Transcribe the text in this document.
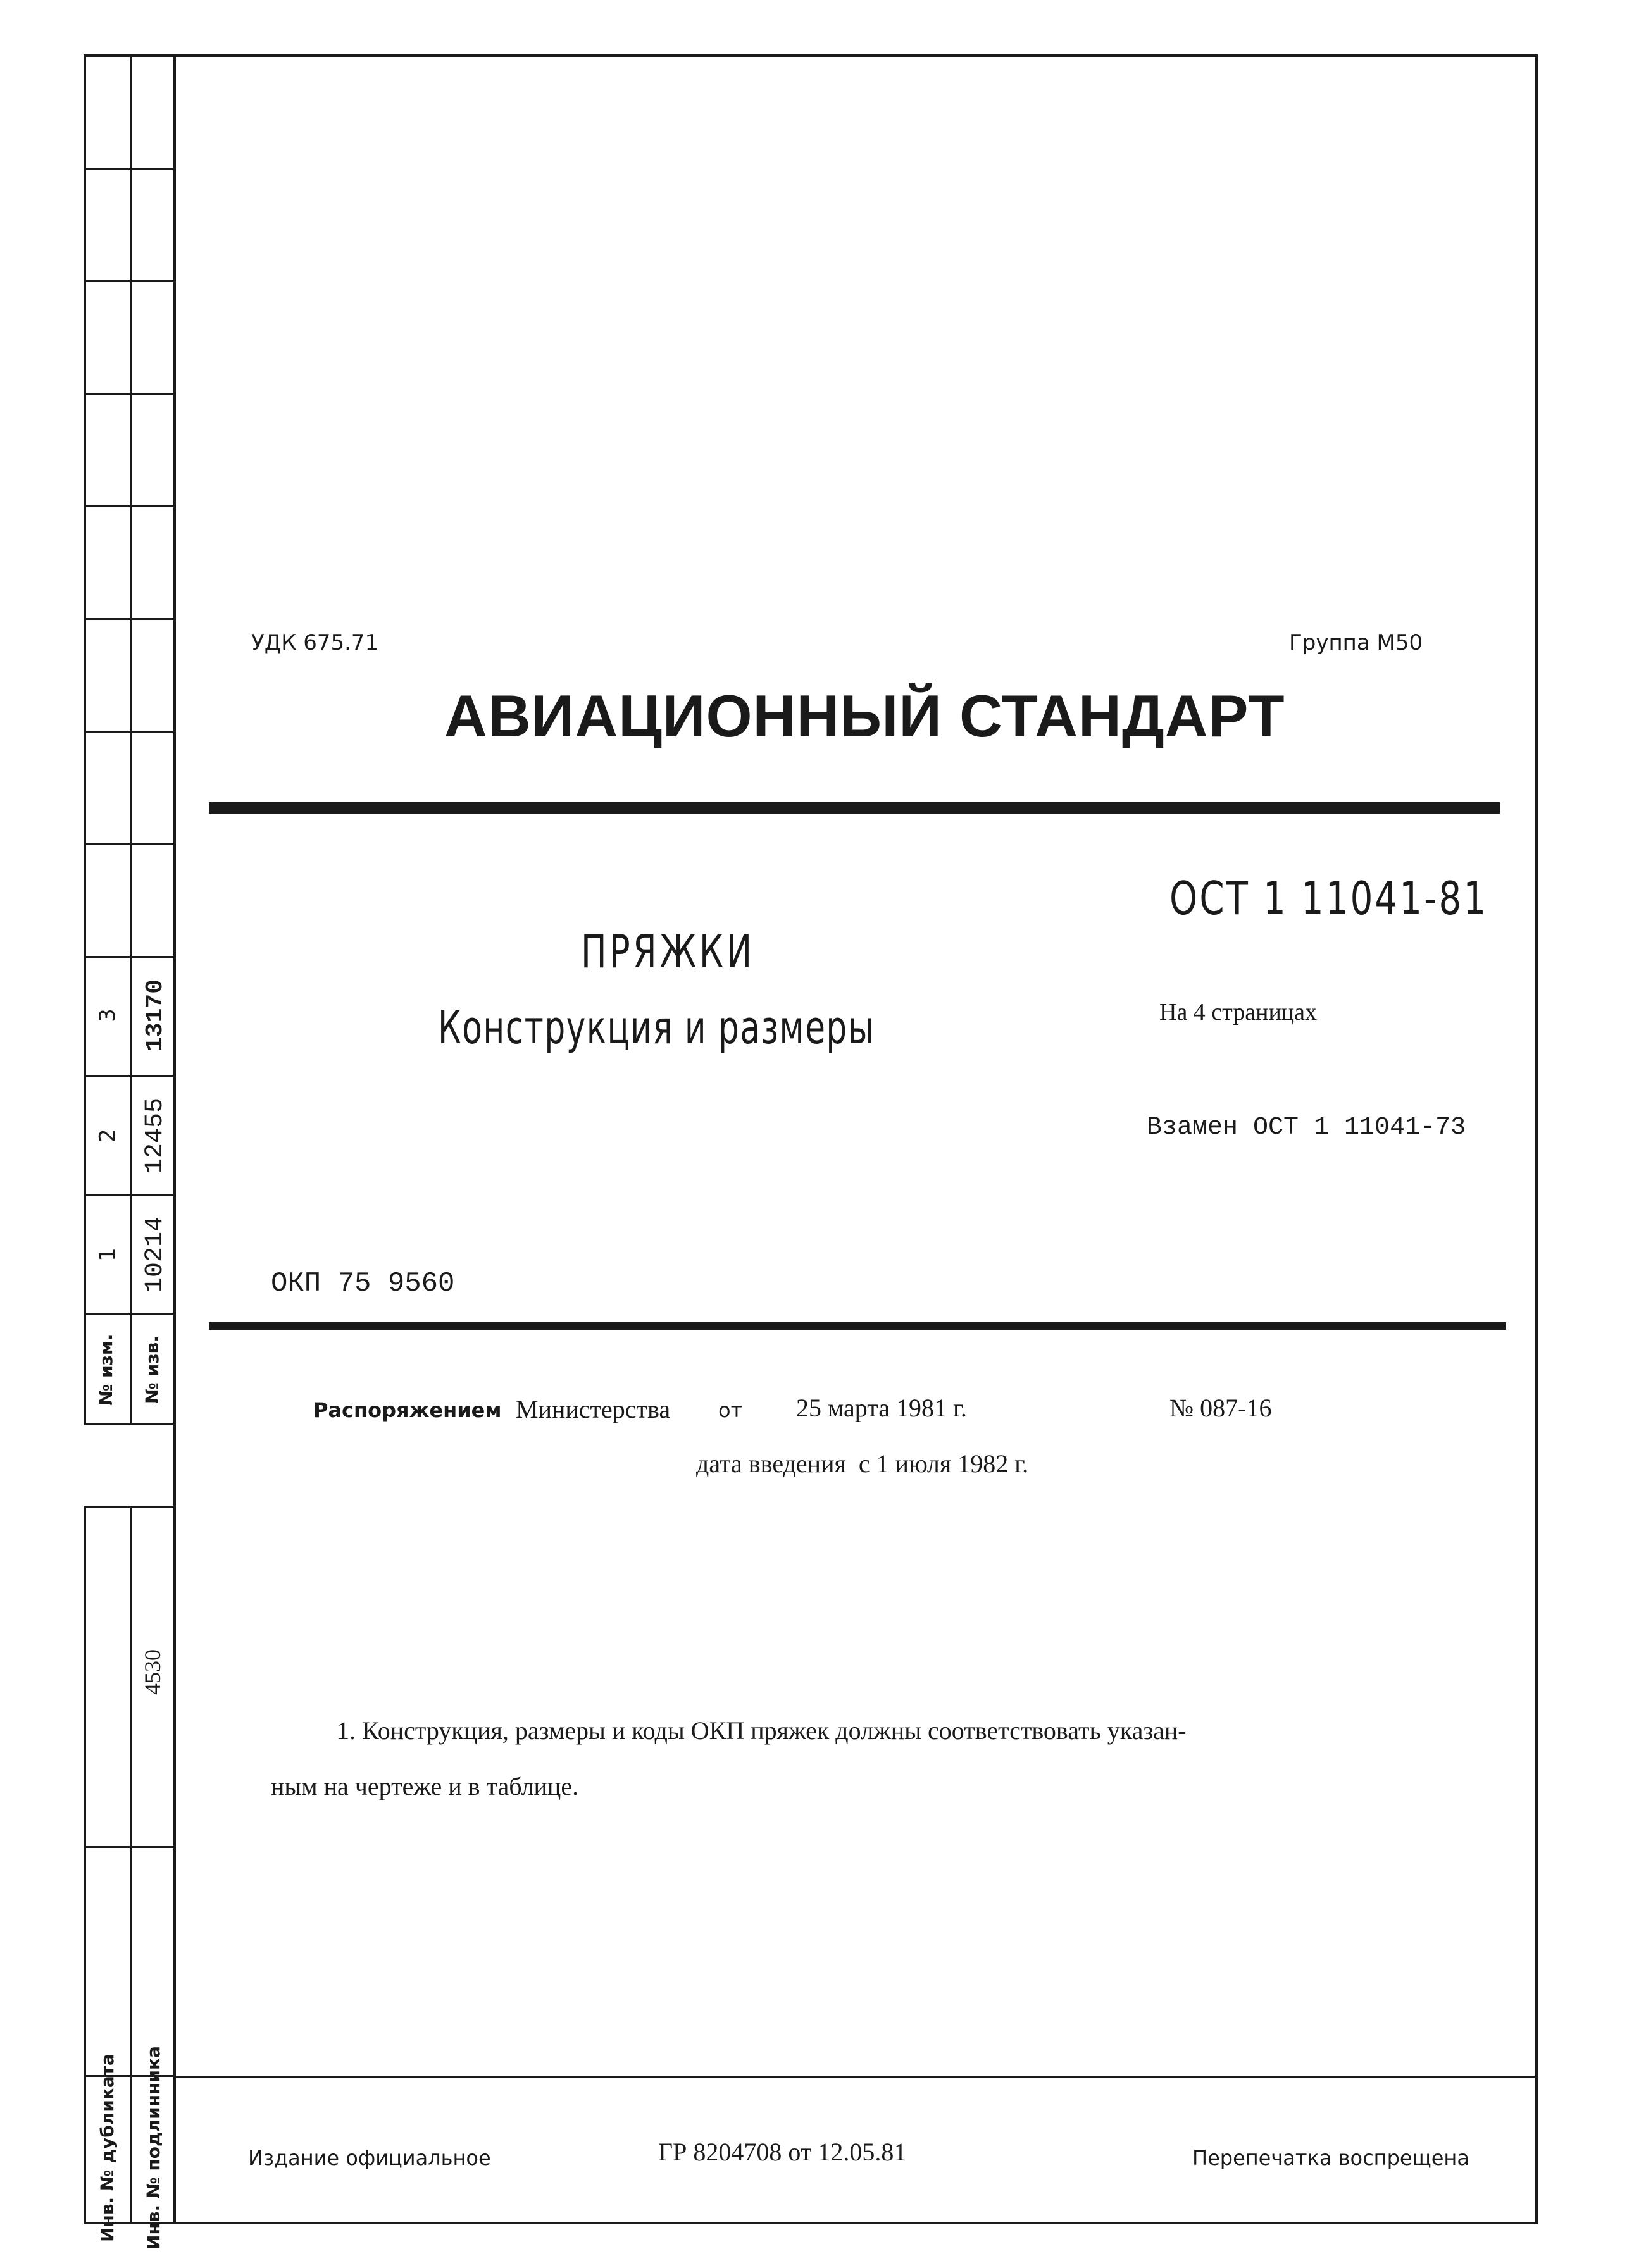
3 13170
2 12455
1 10214
№ изм.	№ изв.
4530
Инв. № дубликата	Инв. № подлинника
УДК 675.71	Группа М50
АВИАЦИОННЫЙ СТАНДАРТ
ОСТ 1 11041-81
ПРЯЖКИ
Конструкция и размеры	На 4 страницах
Взамен ОСТ 1 11041-73
ОКП 75 9560
Распоряжением Министерства от 25 марта 1981 г.	№ 087-16
дата введения  с 1 июля 1982 г.
1. Конструкция, размеры и коды ОКП пряжек должны соответствовать указан-
ным на чертеже и в таблице.
Издание официальное	ГР 8204708 от 12.05.81	Перепечатка воспрещена
